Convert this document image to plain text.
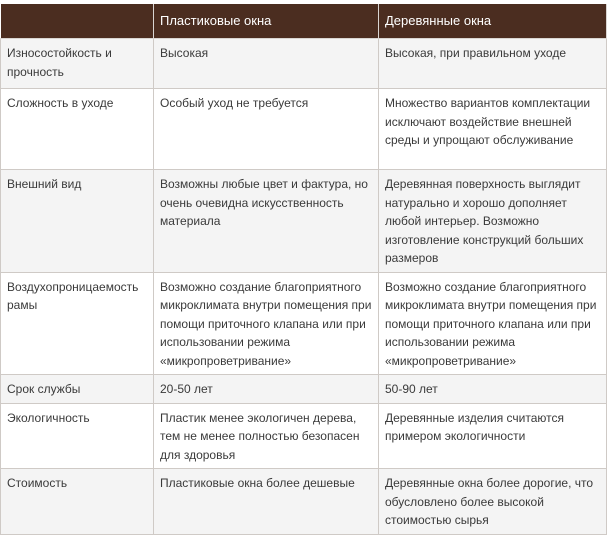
	Пластиковые окна	Деревянные окна
Износостойкость и прочность	Высокая	Высокая, при правильном уходе
Сложность в уходе	Особый уход не требуется	Множество вариантов комплектации исключают воздействие внешней среды и упрощают обслуживание
Внешний вид	Возможны любые цвет и фактура, но очень очевидна искусственность материала	Деревянная поверхность выглядит натурально и хорошо дополняет любой интерьер. Возможно изготовление конструкций больших размеров
Воздухопроницаемость рамы	Возможно создание благоприятного микроклимата внутри помещения при помощи приточного клапана или при использовании режима «микропроветривание»	Возможно создание благоприятного микроклимата внутри помещения при помощи приточного клапана или при использовании режима «микропроветривание»
Срок службы	20-50 лет	50-90 лет
Экологичность	Пластик менее экологичен дерева, тем не менее полностью безопасен для здоровья	Деревянные изделия считаются примером экологичности
Стоимость	Пластиковые окна более дешевые	Деревянные окна более дорогие, что обусловлено более высокой стоимостью сырья
